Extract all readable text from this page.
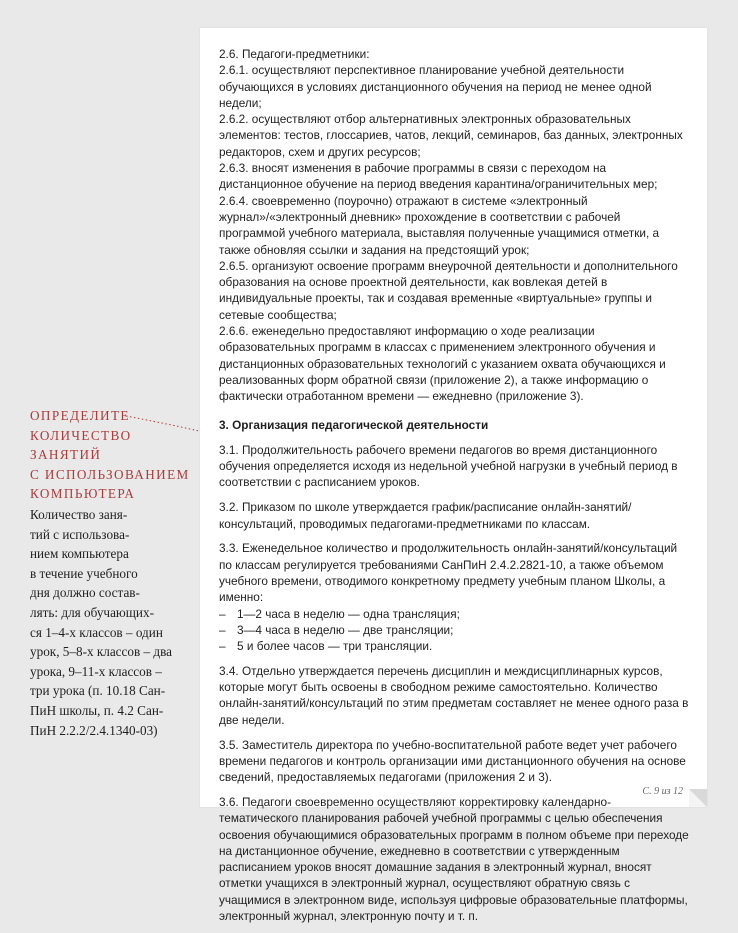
ОПРЕДЕЛИТЕ
КОЛИЧЕСТВО
ЗАНЯТИЙ
С ИСПОЛЬЗОВАНИЕМ
КОМПЬЮТЕРА
Количество заня-
тий с использова-
нием компьютера
в течение учебного
дня должно состав-
лять: для обучающих-
ся 1–4-х классов – один
урок, 5–8-х классов – два
урока, 9–11-х классов –
три урока (п. 10.18 Сан-
ПиН школы, п. 4.2 Сан-
ПиН 2.2.2/2.4.1340-03)

2.6. Педагоги-предметники:

2.6.1. осуществляют перспективное планирование учебной деятельности обучающихся в условиях дистанционного обучения на период не менее одной недели;

2.6.2. осуществляют отбор альтернативных электронных образовательных элементов: тестов, глоссариев, чатов, лекций, семинаров, баз данных, электронных редакторов, схем и других ресурсов;

2.6.3. вносят изменения в рабочие программы в связи с переходом на дистанционное обучение на период введения карантина/ограничительных мер;

2.6.4. своевременно (поурочно) отражают в системе «электронный журнал»/«электронный дневник» прохождение в соответствии с рабочей программой учебного материала, выставляя полученные учащимися отметки, а также обновляя ссылки и задания на предстоящий урок;

2.6.5. организуют освоение программ внеурочной деятельности и дополнительного образования на основе проектной деятельности, как вовлекая детей в индивидуальные проекты, так и создавая временные «виртуальные» группы и сетевые сообщества;

2.6.6. еженедельно предоставляют информацию о ходе реализации образовательных программ в классах с применением электронного обучения и дистанционных образовательных технологий с указанием охвата обучающихся и реализованных форм обратной связи (приложение 2), а также информацию о фактически отработанном времени — ежедневно (приложение 3).

3. Организация педагогической деятельности

3.1. Продолжительность рабочего времени педагогов во время дистанционного обучения определяется исходя из недельной учебной нагрузки в учебный период в соответствии с расписанием уроков.

3.2. Приказом по школе утверждается график/расписание онлайн-занятий/консультаций, проводимых педагогами-предметниками по классам.

3.3. Еженедельное количество и продолжительность онлайн-занятий/консультаций по классам регулируется требованиями СанПиН 2.4.2.2821-10, а также объемом учебного времени, отводимого конкретному предмету учебным планом Школы, а именно:

– 1—2 часа в неделю — одна трансляция;

– 3—4 часа в неделю — две трансляции;

– 5 и более часов — три трансляции.

3.4. Отдельно утверждается перечень дисциплин и междисциплинарных курсов, которые могут быть освоены в свободном режиме самостоятельно. Количество онлайн-занятий/консультаций по этим предметам составляет не менее одного раза в две недели.

3.5. Заместитель директора по учебно-воспитательной работе ведет учет рабочего времени педагогов и контроль организации ими дистанционного обучения на основе сведений, предоставляемых педагогами (приложения 2 и 3).

3.6. Педагоги своевременно осуществляют корректировку календарно-тематического планирования рабочей учебной программы с целью обеспечения освоения обучающимися образовательных программ в полном объеме при переходе на дистанционное обучение, ежедневно в соответствии с утвержденным расписанием уроков вносят домашние задания в электронный журнал, вносят отметки учащихся в электронный журнал, осуществляют обратную связь с учащимися в электронном виде, используя цифровые образовательные платформы, электронный журнал, электронную почту и т. п.

С. 9 из 12
